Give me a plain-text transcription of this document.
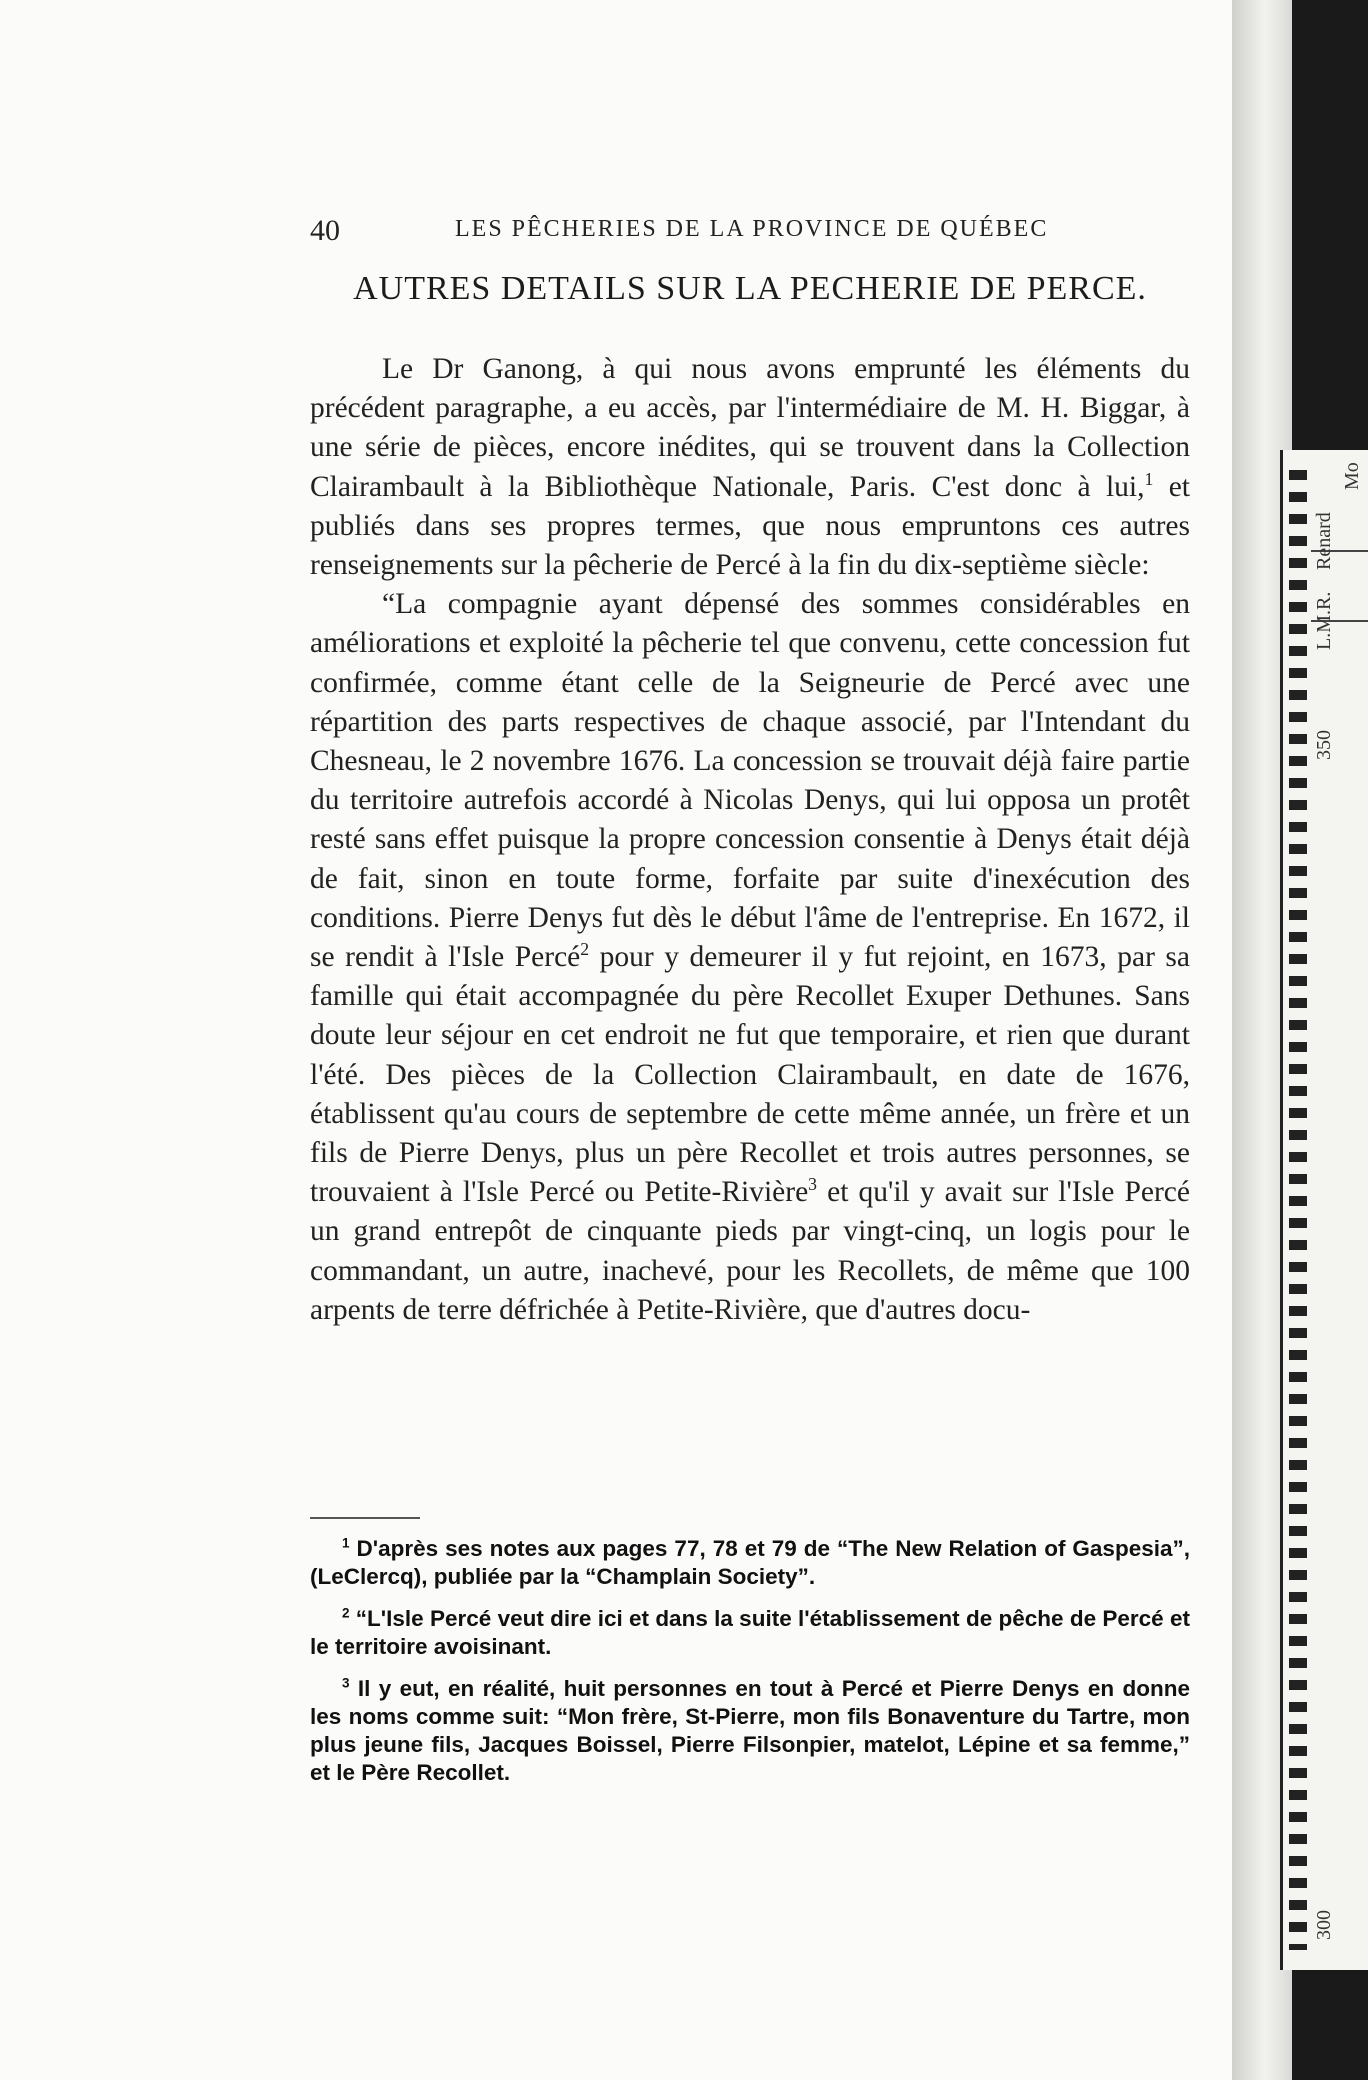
40	LES PÊCHERIES DE LA PROVINCE DE QUÉBEC
AUTRES DETAILS SUR LA PECHERIE DE PERCE.

Le Dr Ganong, à qui nous avons emprunté les éléments du précédent paragraphe, a eu accès, par l'intermédiaire de M. H. Biggar, à une série de pièces, encore inédites, qui se trouvent dans la Collection Clairambault à la Bibliothèque Nationale, Paris. C'est donc à lui,$^1$ et publiés dans ses propres termes, que nous empruntons ces autres renseignements sur la pêcherie de Percé à la fin du dix-septième siècle:

“La compagnie ayant dépensé des sommes considérables en améliorations et exploité la pêcherie tel que convenu, cette concession fut confirmée, comme étant celle de la Seigneurie de Percé avec une répartition des parts respectives de chaque associé, par l'Intendant du Chesneau, le 2 novembre 1676. La concession se trouvait déjà faire partie du territoire autrefois accordé à Nicolas Denys, qui lui opposa un protêt resté sans effet puisque la propre concession consentie à Denys était déjà de fait, sinon en toute forme, forfaite par suite d'inexécution des conditions. Pierre Denys fut dès le début l'âme de l'entreprise. En 1672, il se rendit à l'Isle Percé$^2$ pour y demeurer il y fut rejoint, en 1673, par sa famille qui était accompagnée du père Recollet Exuper Dethunes. Sans doute leur séjour en cet endroit ne fut que temporaire, et rien que durant l'été. Des pièces de la Collection Clairambault, en date de 1676, établissent qu'au cours de septembre de cette même année, un frère et un fils de Pierre Denys, plus un père Recollet et trois autres personnes, se trouvaient à l'Isle Percé ou Petite-Rivière$^3$ et qu'il y avait sur l'Isle Percé un grand entrepôt de cinquante pieds par vingt-cinq, un logis pour le commandant, un autre, inachevé, pour les Recollets, de même que 100 arpents de terre défrichée à Petite-Rivière, que d'autres docu-

$^1$ D'après ses notes aux pages 77, 78 et 79 de “The New Relation of Gaspesia”, (LeClercq), publiée par la “Champlain Society”.

$^2$ “L'Isle Percé veut dire ici et dans la suite l'établissement de pêche de Percé et le territoire avoisinant.

$^3$ Il y eut, en réalité, huit personnes en tout à Percé et Pierre Denys en donne les noms comme suit: “Mon frère, St-Pierre, mon fils Bonaventure du Tartre, mon plus jeune fils, Jacques Boissel, Pierre Filsonpier, matelot, Lépine et sa femme,” et le Père Recollet.

Renard
Mo
L.M.R.
350
300
